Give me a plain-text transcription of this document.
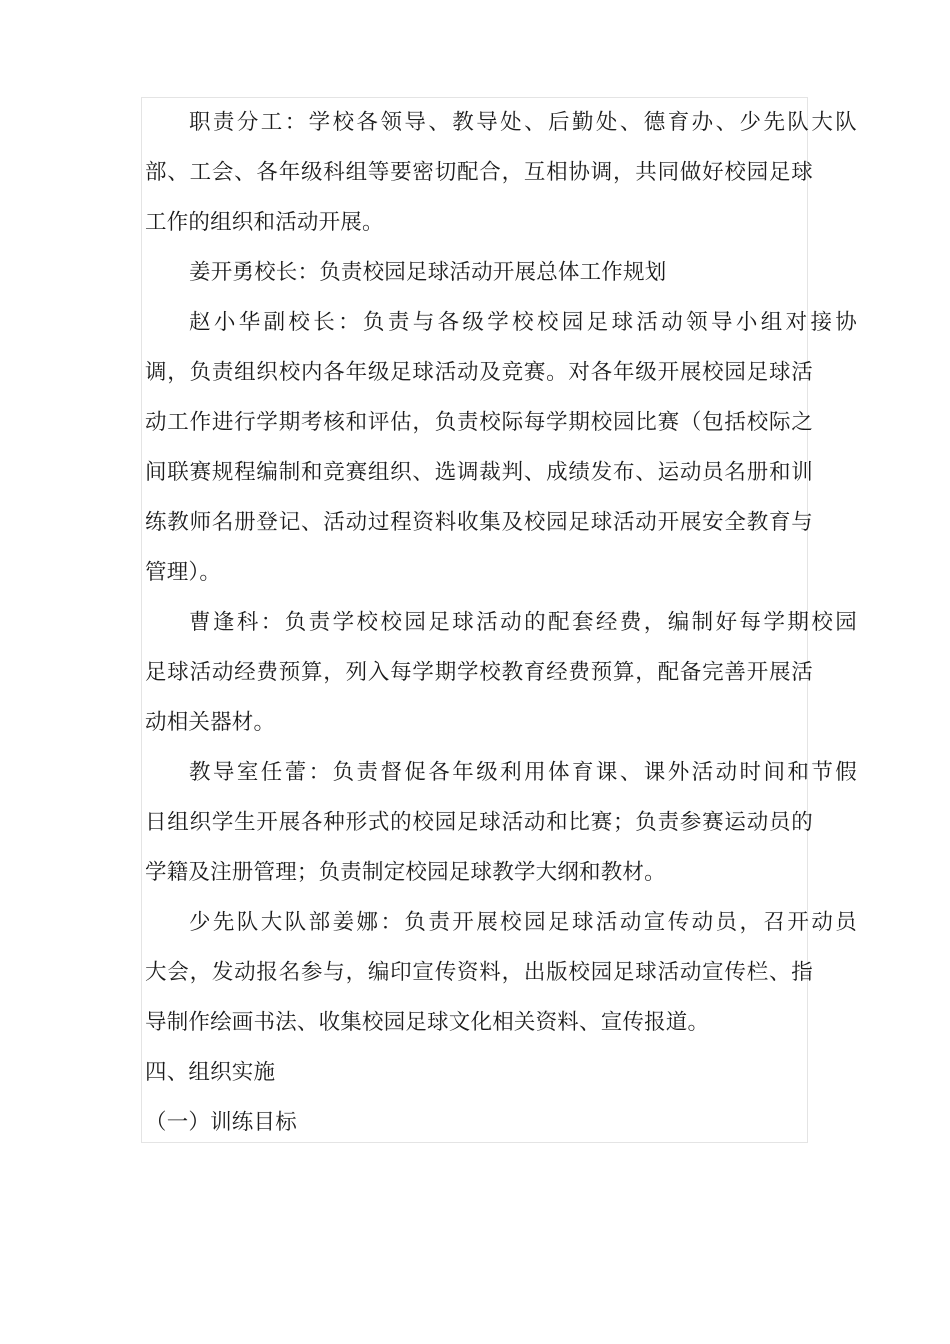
职责分工：学校各领导、教导处、后勤处、德育办、少先队大队
部、工会、各年级科组等要密切配合，互相协调，共同做好校园足球
工作的组织和活动开展。
姜开勇校长：负责校园足球活动开展总体工作规划
赵小华副校长：负责与各级学校校园足球活动领导小组对接协
调，负责组织校内各年级足球活动及竞赛。对各年级开展校园足球活
动工作进行学期考核和评估，负责校际每学期校园比赛（包括校际之
间联赛规程编制和竞赛组织、选调裁判、成绩发布、运动员名册和训
练教师名册登记、活动过程资料收集及校园足球活动开展安全教育与
管理）。
曹逢科：负责学校校园足球活动的配套经费，编制好每学期校园
足球活动经费预算，列入每学期学校教育经费预算，配备完善开展活
动相关器材。
教导室任蕾：负责督促各年级利用体育课、课外活动时间和节假
日组织学生开展各种形式的校园足球活动和比赛；负责参赛运动员的
学籍及注册管理；负责制定校园足球教学大纲和教材。
少先队大队部姜娜：负责开展校园足球活动宣传动员，召开动员
大会，发动报名参与，编印宣传资料，出版校园足球活动宣传栏、指
导制作绘画书法、收集校园足球文化相关资料、宣传报道。
四、组织实施
（一）训练目标
